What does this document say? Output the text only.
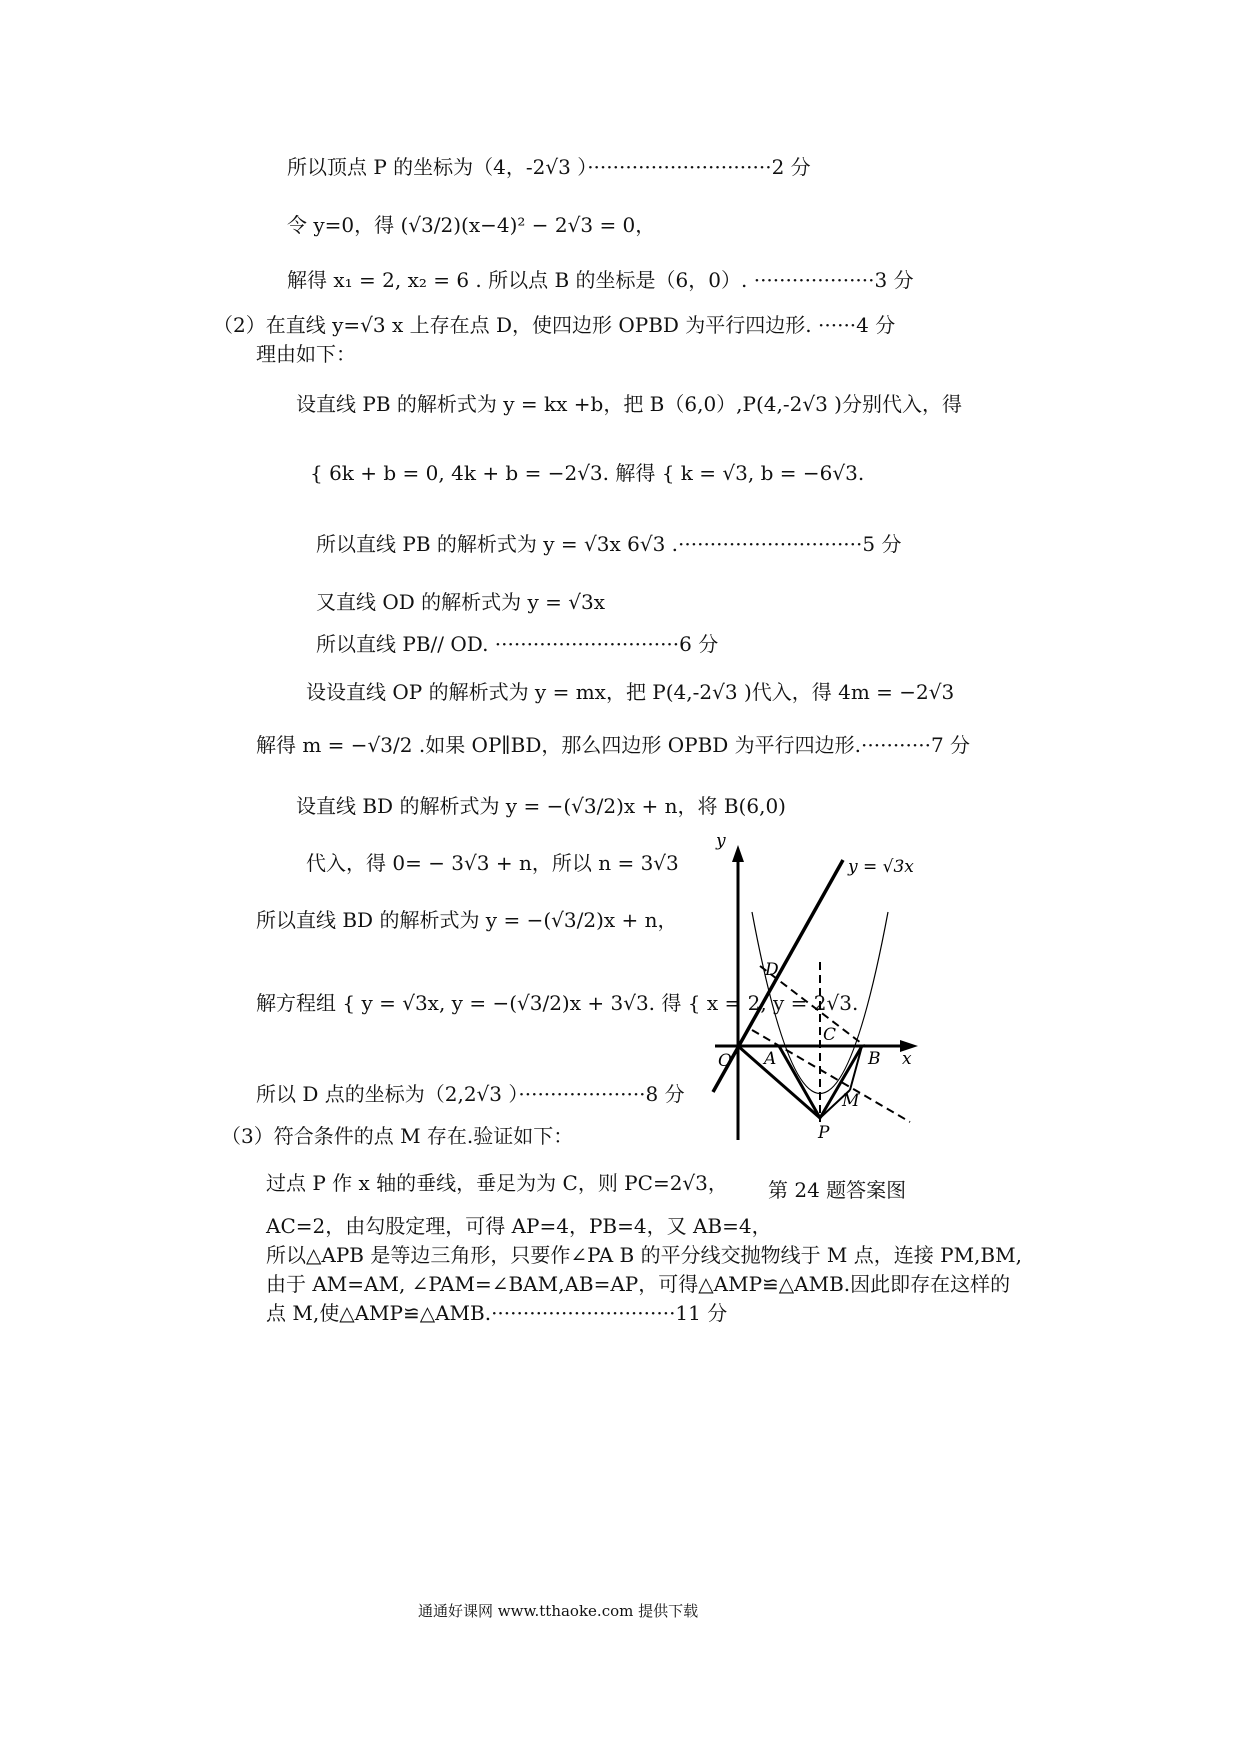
所以顶点 P 的坐标为（4，-2√3 ）·····························2 分
令 y=0，得 (√3/2)(x−4)² − 2√3 = 0，
解得 x₁ = 2, x₂ = 6 . 所以点 B 的坐标是（6，0）. ···················3 分
（2）在直线 y=√3 x 上存在点 D，使四边形 OPBD 为平行四边形. ······4 分
理由如下：
设直线 PB 的解析式为 y = kx +b，把 B（6,0）,P(4,-2√3 )分别代入，得
{ 6k + b = 0, 4k + b = −2√3. 解得 { k = √3, b = −6√3.
所以直线 PB 的解析式为 y = √3x 6√3 .·····························5 分
又直线 OD 的解析式为 y = √3x
所以直线 PB// OD. ·····························6 分
设设直线 OP 的解析式为 y = mx，把 P(4,-2√3 )代入，得 4m = −2√3
解得 m = −√3/2 .如果 OP∥BD，那么四边形 OPBD 为平行四边形.···········7 分
设直线 BD 的解析式为 y = −(√3/2)x + n，将 B(6,0)
代入，得 0= − 3√3 + n，所以 n = 3√3
所以直线 BD 的解析式为 y = −(√3/2)x + n，
解方程组 { y = √3x, y = −(√3/2)x + 3√3. 得 { x = 2, y = 2√3.
所以 D 点的坐标为（2,2√3 ）····················8 分
（3）符合条件的点 M 存在.验证如下：
过点 P 作 x 轴的垂线，垂足为为 C，则 PC=2√3，
AC=2，由勾股定理，可得 AP=4，PB=4，又 AB=4，
所以△APB 是等边三角形，只要作∠PA B 的平分线交抛物线于 M 点，连接 PM,BM,
由于 AM=AM, ∠PAM=∠BAM,AB=AP，可得△AMP≌△AMB.因此即存在这样的
点 M,使△AMP≌△AMB.·····························11 分
y
x
y = √3x
D
C
O A	B
M
P
第 24 题答案图
通通好课网 www.tthaoke.com 提供下载
